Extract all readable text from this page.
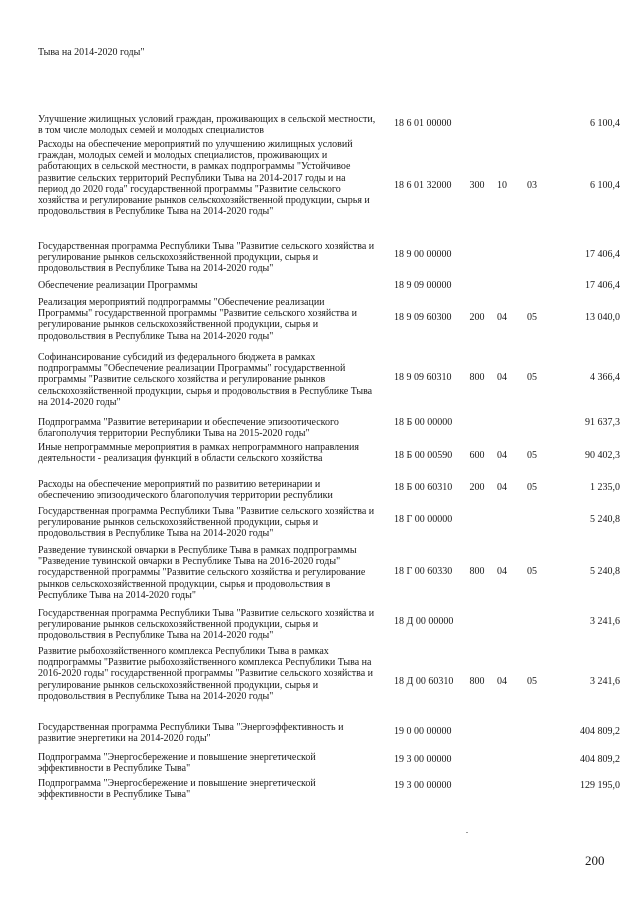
Тыва на 2014-2020 годы"
Улучшение жилищных условий граждан, проживающих в сельской местности, в том числе молодых семей и молодых специалистов
18 6 01 00000	6 100,4
Расходы на обеспечение мероприятий по улучшению жилищных условий граждан, молодых семей и молодых специалистов, проживающих и работающих в сельской местности, в рамках подпрограммы "Устойчивое развитие сельских территорий Республики Тыва на 2014-2017 годы и на период до 2020 года" государственной программы "Развитие сельского хозяйства и регулирование рынков сельскохозяйственной продукции, сырья и продовольствия в Республике Тыва на 2014-2020 годы"
18 6 01 32000	300	10	03	6 100,4
Государственная программа Республики Тыва "Развитие сельского хозяйства и регулирование рынков сельскохозяйственной продукции, сырья и продовольствия в Республике Тыва на 2014-2020 годы"
18 9 00 00000	17 406,4
Обеспечение реализации Программы	18 9 09 00000	17 406,4
Реализация мероприятий подпрограммы "Обеспечение реализации Программы" государственной программы "Развитие сельского хозяйства и регулирование рынков сельскохозяйственной продукции, сырья и продовольствия в Республике Тыва на 2014-2020 годы"
18 9 09 60300	200	04	05	13 040,0
Софинансирование субсидий из федерального бюджета в рамках подпрограммы "Обеспечение реализации Программы" государственной программы "Развитие сельского хозяйства и регулирование рынков сельскохозяйственной продукции, сырья и продовольствия в Республике Тыва на 2014-2020 годы"
18 9 09 60310	800	04	05	4 366,4
Подпрограмма "Развитие ветеринарии и обеспечение эпизоотического благополучия территории Республики Тыва на 2015-2020 годы"
18 Б 00 00000	91 637,3
Иные непрограммные мероприятия в рамках непрограммного направления деятельности - реализация функций в области сельского хозяйства	18 Б 00 00590	600	04	05	90 402,3
Расходы на обеспечение мероприятий по развитию ветеринарии и обеспечению эпизоодического благополучия территории республики
18 Б 00 60310	200	04	05	1 235,0
Государственная программа Республики Тыва "Развитие сельского хозяйства и регулирование рынков сельскохозяйственной продукции, сырья и продовольствия в Республике Тыва на 2014-2020 годы"
18 Г 00 00000	5 240,8
Разведение тувинской овчарки в Республике Тыва в рамках подпрограммы "Разведение тувинской овчарки в Республике Тыва на 2016-2020 годы" государственной программы "Развитие сельского хозяйства и регулирование рынков сельскохозяйственной продукции, сырья и продовольствия в Республике Тыва на 2014-2020 годы"
18 Г 00 60330	800	04	05	5 240,8
Государственная программа Республики Тыва "Развитие сельского хозяйства и регулирование рынков сельскохозяйственной продукции, сырья и продовольствия в Республике Тыва на 2014-2020 годы"
18 Д 00 00000	3 241,6
Развитие рыбохозяйственного комплекса Республики Тыва в рамках подпрограммы "Развитие рыбохозяйственного комплекса Республики Тыва на 2016-2020 годы" государственной программы "Развитие сельского хозяйства и регулирование рынков сельскохозяйственной продукции, сырья и продовольствия в Республике Тыва на 2014-2020 годы"
18 Д 00 60310	800	04	05	3 241,6
Государственная программа Республики Тыва "Энергоэффективность и развитие энергетики на 2014-2020 годы"
19 0 00 00000	404 809,2
Подпрограмма "Энергосбережение и повышение энергетической эффективности в Республике Тыва"
19 3 00 00000	404 809,2
Подпрограмма "Энергосбережение и повышение энергетической эффективности в Республике Тыва"
19 3 00 00000	129 195,0
200
